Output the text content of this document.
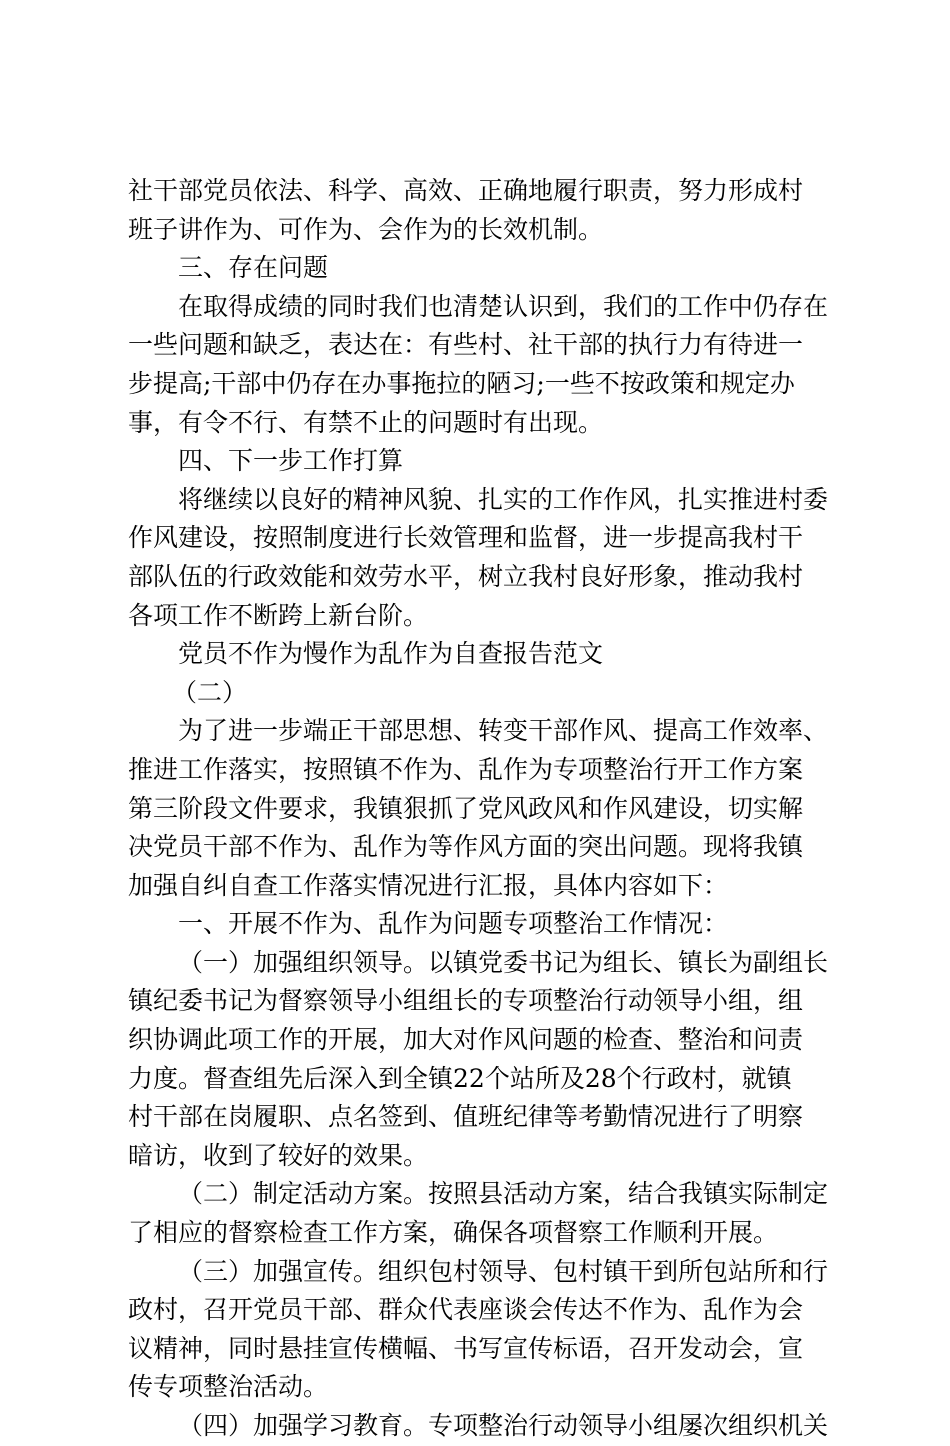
社干部党员依法、科学、高效、正确地履行职责，努力形成村
班子讲作为、可作为、会作为的长效机制。
三、存在问题
在取得成绩的同时我们也清楚认识到，我们的工作中仍存在
一些问题和缺乏，表达在：有些村、社干部的执行力有待进一
步提高;干部中仍存在办事拖拉的陋习;一些不按政策和规定办
事，有令不行、有禁不止的问题时有出现。
四、下一步工作打算
将继续以良好的精神风貌、扎实的工作作风，扎实推进村委
作风建设，按照制度进行长效管理和监督，进一步提高我村干
部队伍的行政效能和效劳水平，树立我村良好形象，推动我村
各项工作不断跨上新台阶。
党员不作为慢作为乱作为自查报告范文
（二）
为了进一步端正干部思想、转变干部作风、提高工作效率、
推进工作落实，按照镇不作为、乱作为专项整治行开工作方案
第三阶段文件要求，我镇狠抓了党风政风和作风建设，切实解
决党员干部不作为、乱作为等作风方面的突出问题。现将我镇
加强自纠自查工作落实情况进行汇报，具体内容如下：
一、开展不作为、乱作为问题专项整治工作情况：
（一）加强组织领导。以镇党委书记为组长、镇长为副组长
镇纪委书记为督察领导小组组长的专项整治行动领导小组，组
织协调此项工作的开展，加大对作风问题的检查、整治和问责
力度。督查组先后深入到全镇22个站所及28个行政村，就镇
村干部在岗履职、点名签到、值班纪律等考勤情况进行了明察
暗访，收到了较好的效果。
（二）制定活动方案。按照县活动方案，结合我镇实际制定
了相应的督察检查工作方案，确保各项督察工作顺利开展。
（三）加强宣传。组织包村领导、包村镇干到所包站所和行
政村，召开党员干部、群众代表座谈会传达不作为、乱作为会
议精神，同时悬挂宣传横幅、书写宣传标语，召开发动会，宣
传专项整治活动。
（四）加强学习教育。专项整治行动领导小组屡次组织机关
